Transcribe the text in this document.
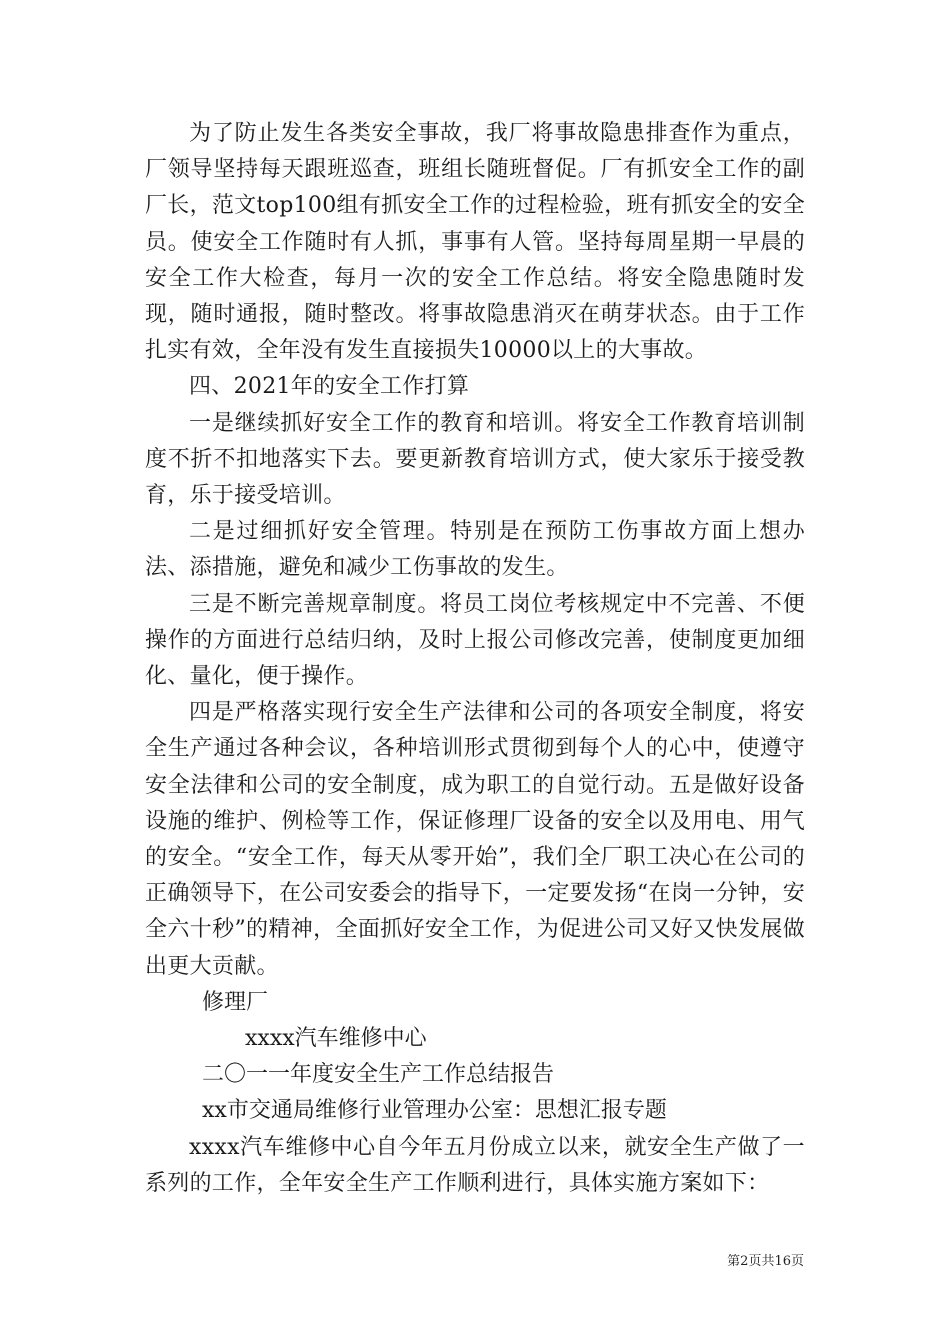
为了防止发生各类安全事故，我厂将事故隐患排查作为重点，厂领导坚持每天跟班巡查，班组长随班督促。厂有抓安全工作的副厂长，范文top100组有抓安全工作的过程检验，班有抓安全的安全员。使安全工作随时有人抓，事事有人管。坚持每周星期一早晨的安全工作大检查，每月一次的安全工作总结。将安全隐患随时发现，随时通报，随时整改。将事故隐患消灭在萌芽状态。由于工作扎实有效，全年没有发生直接损失10000以上的大事故。

四、2021年的安全工作打算

一是继续抓好安全工作的教育和培训。将安全工作教育培训制度不折不扣地落实下去。要更新教育培训方式，使大家乐于接受教育，乐于接受培训。

二是过细抓好安全管理。特别是在预防工伤事故方面上想办法、添措施，避免和减少工伤事故的发生。

三是不断完善规章制度。将员工岗位考核规定中不完善、不便操作的方面进行总结归纳，及时上报公司修改完善，使制度更加细化、量化，便于操作。

四是严格落实现行安全生产法律和公司的各项安全制度，将安全生产通过各种会议，各种培训形式贯彻到每个人的心中，使遵守安全法律和公司的安全制度，成为职工的自觉行动。五是做好设备设施的维护、例检等工作，保证修理厂设备的安全以及用电、用气的安全。“安全工作，每天从零开始”，我们全厂职工决心在公司的正确领导下，在公司安委会的指导下，一定要发扬“在岗一分钟，安全六十秒”的精神，全面抓好安全工作，为促进公司又好又快发展做出更大贡献。

修理厂

xxxx汽车维修中心

二〇一一年度安全生产工作总结报告

xx市交通局维修行业管理办公室：思想汇报专题

xxxx汽车维修中心自今年五月份成立以来，就安全生产做了一系列的工作，全年安全生产工作顺利进行，具体实施方案如下：

第2页共16页
